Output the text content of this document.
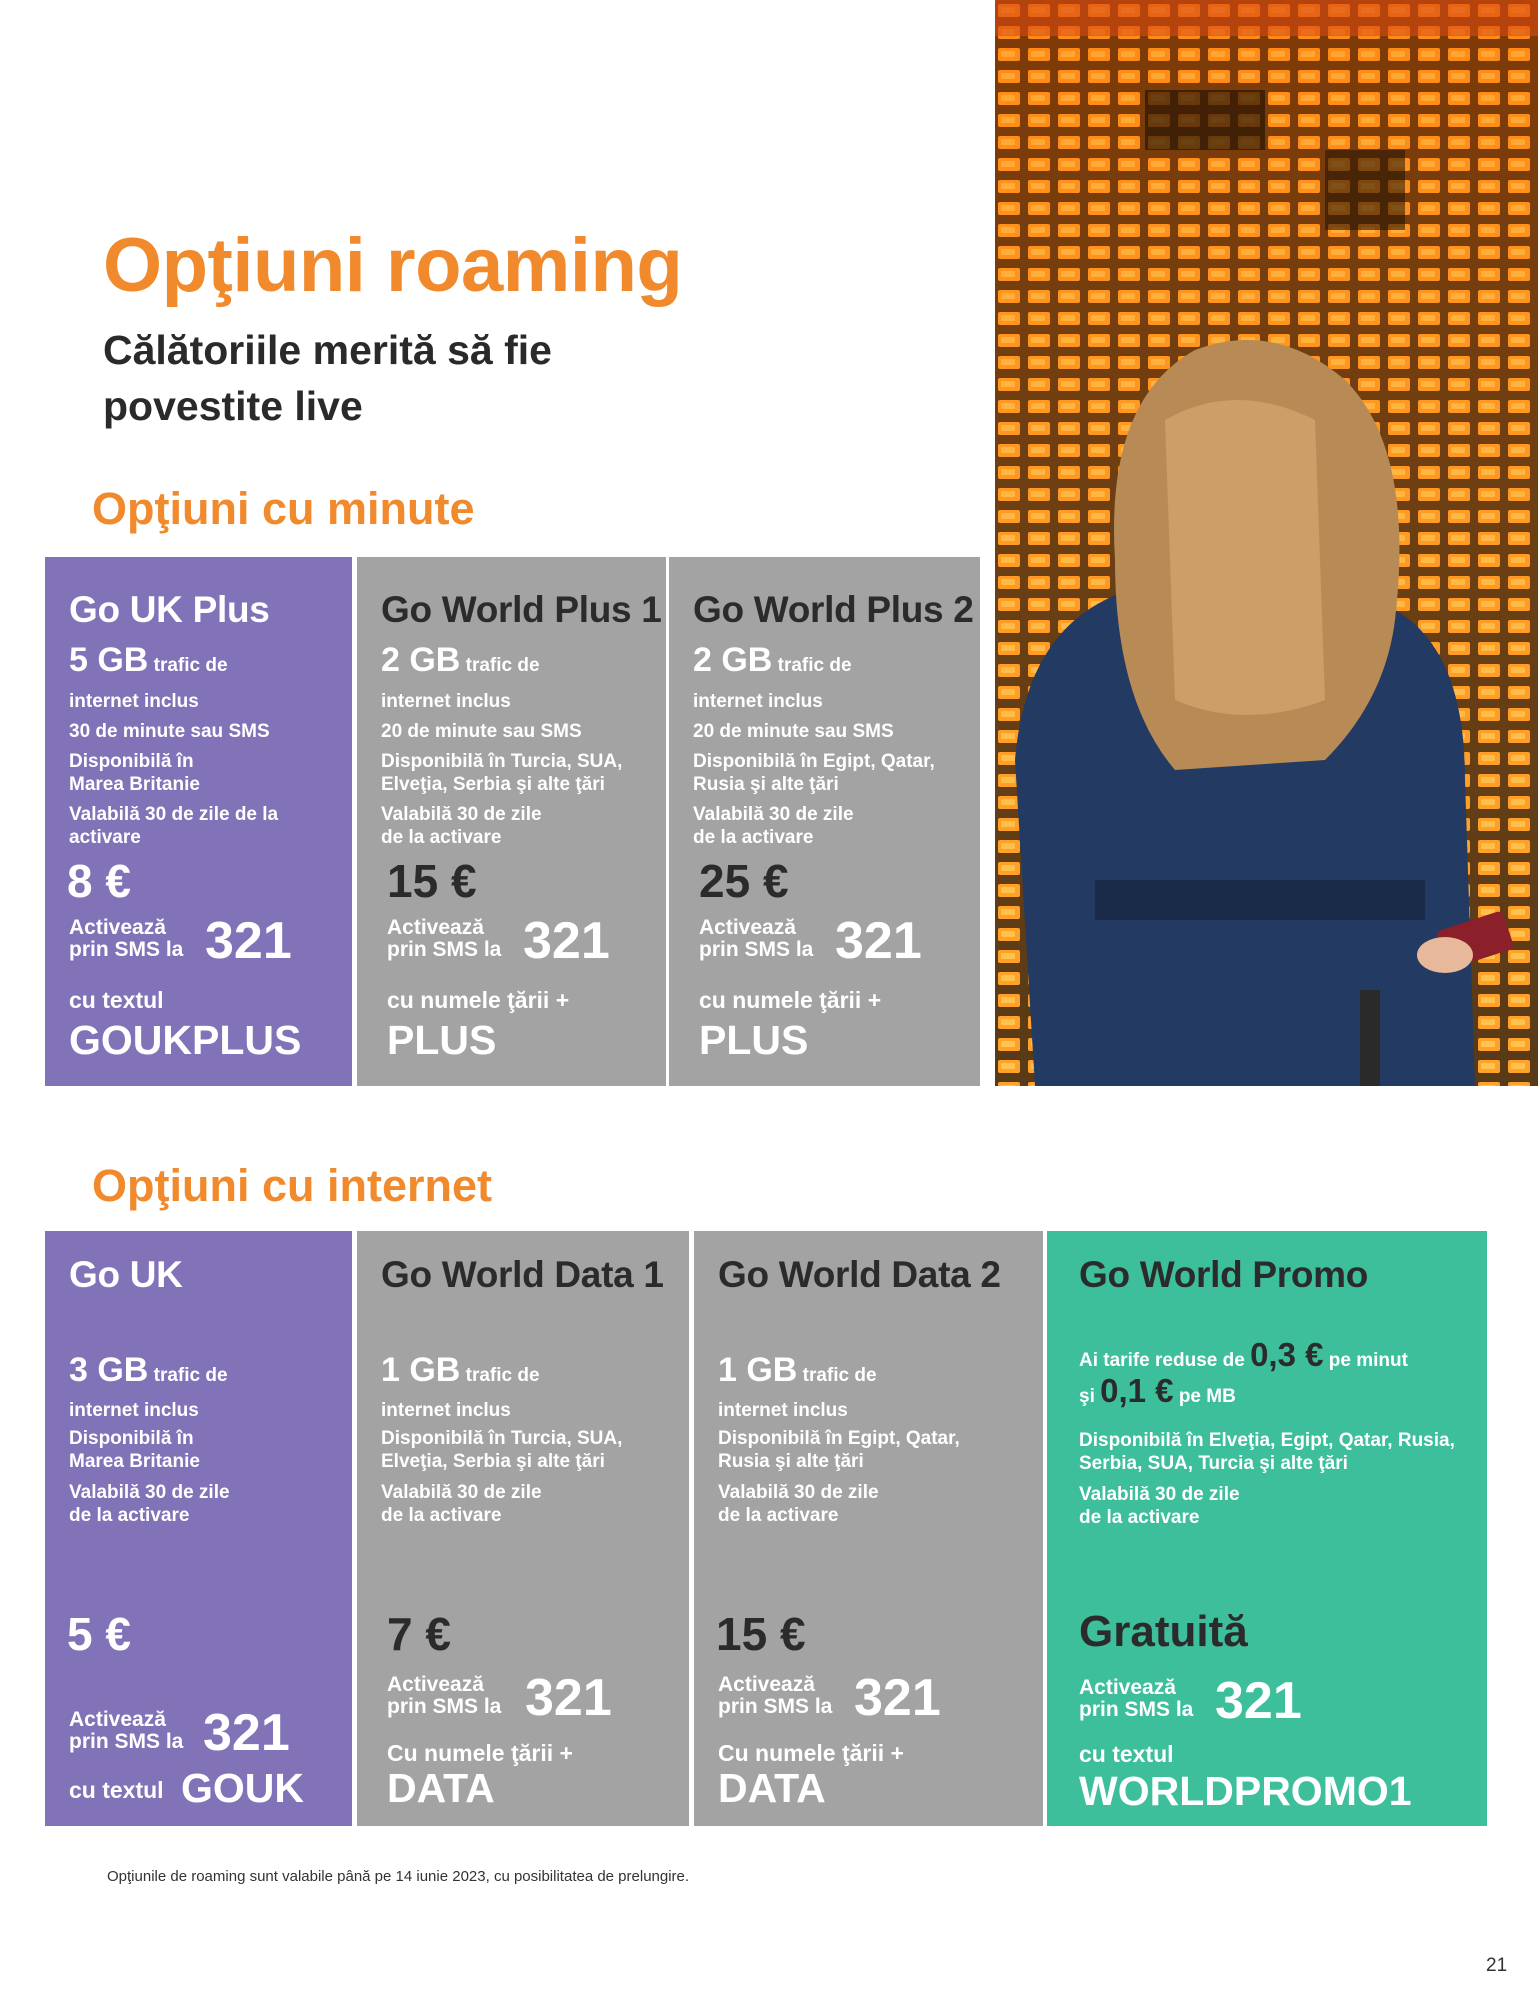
Opţiuni roaming
Călătoriile merită să fie povestite live
Opţiuni cu minute
Go UK Plus
5 GB trafic de
internet inclus
30 de minute sau SMS
Disponibilă în
Marea Britanie
Valabilă 30 de zile de la
activare
8 €
Activează
prin SMS la 321
cu textul
GOUKPLUS
Go World Plus 1
2 GB trafic de
internet inclus
20 de minute sau SMS
Disponibilă în Turcia, SUA,
Elveţia, Serbia şi alte ţări
Valabilă 30 de zile
de la activare
15 €
Activează
prin SMS la 321
cu numele ţării +
PLUS
Go World Plus 2
2 GB trafic de
internet inclus
20 de minute sau SMS
Disponibilă în Egipt, Qatar,
Rusia şi alte ţări
Valabilă 30 de zile
de la activare
25 €
Activează
prin SMS la 321
cu numele ţării +
PLUS
Opţiuni cu internet
Go UK
3 GB trafic de
internet inclus
Disponibilă în
Marea Britanie
Valabilă 30 de zile
de la activare
5 €
Activează
prin SMS la 321
cu textul GOUK
Go World Data 1
1 GB trafic de
internet inclus
Disponibilă în Turcia, SUA,
Elveţia, Serbia şi alte ţări
Valabilă 30 de zile
de la activare
7 €
Activează
prin SMS la 321
Cu numele ţării +
DATA
Go World Data 2
1 GB trafic de
internet inclus
Disponibilă în Egipt, Qatar,
Rusia şi alte ţări
Valabilă 30 de zile
de la activare
15 €
Activează
prin SMS la 321
Cu numele ţării +
DATA
Go World Promo
Ai tarife reduse de 0,3 € pe minut
şi 0,1 € pe MB
Disponibilă în Elveţia, Egipt, Qatar, Rusia,
Serbia, SUA, Turcia şi alte ţări
Valabilă 30 de zile
de la activare
Gratuită
Activează
prin SMS la 321
cu textul
WORLDPROMO1
Opţiunile de roaming sunt valabile până pe 14 iunie 2023, cu posibilitatea de prelungire.
21
